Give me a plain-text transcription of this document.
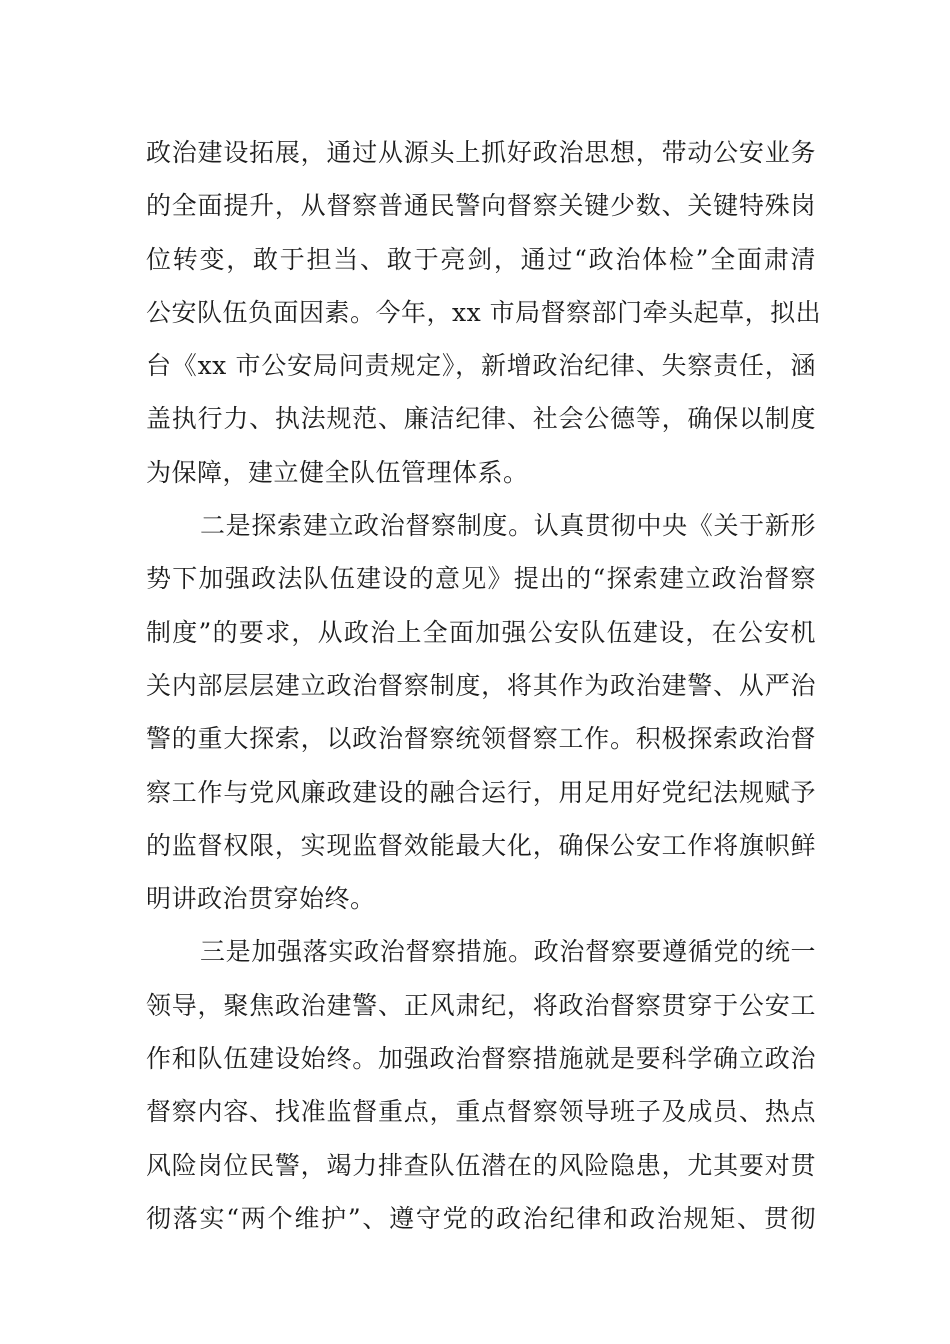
政治建设拓展，通过从源头上抓好政治思想，带动公安业务
的全面提升，从督察普通民警向督察关键少数、关键特殊岗
位转变，敢于担当、敢于亮剑，通过“政治体检”全面肃清
公安队伍负面因素。今年，xx 市局督察部门牵头起草，拟出
台《xx 市公安局问责规定》，新增政治纪律、失察责任，涵
盖执行力、执法规范、廉洁纪律、社会公德等，确保以制度
为保障，建立健全队伍管理体系。
二是探索建立政治督察制度。认真贯彻中央《关于新形
势下加强政法队伍建设的意见》提出的“探索建立政治督察
制度”的要求，从政治上全面加强公安队伍建设，在公安机
关内部层层建立政治督察制度，将其作为政治建警、从严治
警的重大探索，以政治督察统领督察工作。积极探索政治督
察工作与党风廉政建设的融合运行，用足用好党纪法规赋予
的监督权限，实现监督效能最大化，确保公安工作将旗帜鲜
明讲政治贯穿始终。
三是加强落实政治督察措施。政治督察要遵循党的统一
领导，聚焦政治建警、正风肃纪，将政治督察贯穿于公安工
作和队伍建设始终。加强政治督察措施就是要科学确立政治
督察内容、找准监督重点，重点督察领导班子及成员、热点
风险岗位民警，竭力排查队伍潜在的风险隐患，尤其要对贯
彻落实“两个维护”、遵守党的政治纪律和政治规矩、贯彻
